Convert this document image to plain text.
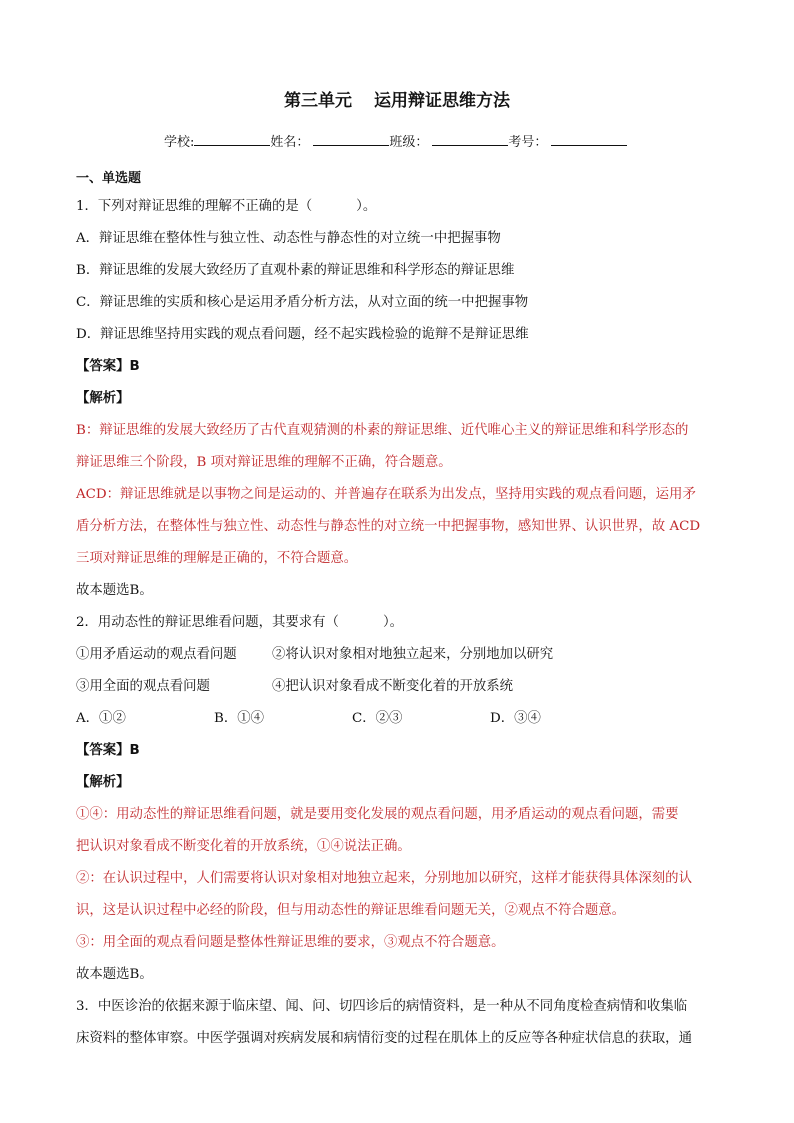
第三单元 运用辩证思维方法
学校:	姓名：	班级：	考号：
一、单选题
1．下列对辩证思维的理解不正确的是（	）。
A．辩证思维在整体性与独立性、动态性与静态性的对立统一中把握事物
B．辩证思维的发展大致经历了直观朴素的辩证思维和科学形态的辩证思维
C．辩证思维的实质和核心是运用矛盾分析方法，从对立面的统一中把握事物
D．辩证思维坚持用实践的观点看问题，经不起实践检验的诡辩不是辩证思维
【答案】B
【解析】
B：辩证思维的发展大致经历了古代直观猜测的朴素的辩证思维、近代唯心主义的辩证思维和科学形态的
辩证思维三个阶段，B 项对辩证思维的理解不正确，符合题意。
ACD：辩证思维就是以事物之间是运动的、并普遍存在联系为出发点，坚持用实践的观点看问题，运用矛
盾分析方法，在整体性与独立性、动态性与静态性的对立统一中把握事物，感知世界、认识世界，故 ACD
三项对辩证思维的理解是正确的，不符合题意。
故本题选B。
2．用动态性的辩证思维看问题，其要求有（	）。
①用矛盾运动的观点看问题	②将认识对象相对地独立起来，分别地加以研究
③用全面的观点看问题	④把认识对象看成不断变化着的开放系统
A．①②	B．①④	C．②③	D．③④
【答案】B
【解析】
①④：用动态性的辩证思维看问题，就是要用变化发展的观点看问题，用矛盾运动的观点看问题，需要
把认识对象看成不断变化着的开放系统，①④说法正确。
②：在认识过程中，人们需要将认识对象相对地独立起来，分别地加以研究，这样才能获得具体深刻的认
识，这是认识过程中必经的阶段，但与用动态性的辩证思维看问题无关，②观点不符合题意。
③：用全面的观点看问题是整体性辩证思维的要求，③观点不符合题意。
故本题选B。
3．中医诊治的依据来源于临床望、闻、问、切四诊后的病情资料，是一种从不同角度检查病情和收集临
床资料的整体审察。中医学强调对疾病发展和病情衍变的过程在肌体上的反应等各种症状信息的获取，通
